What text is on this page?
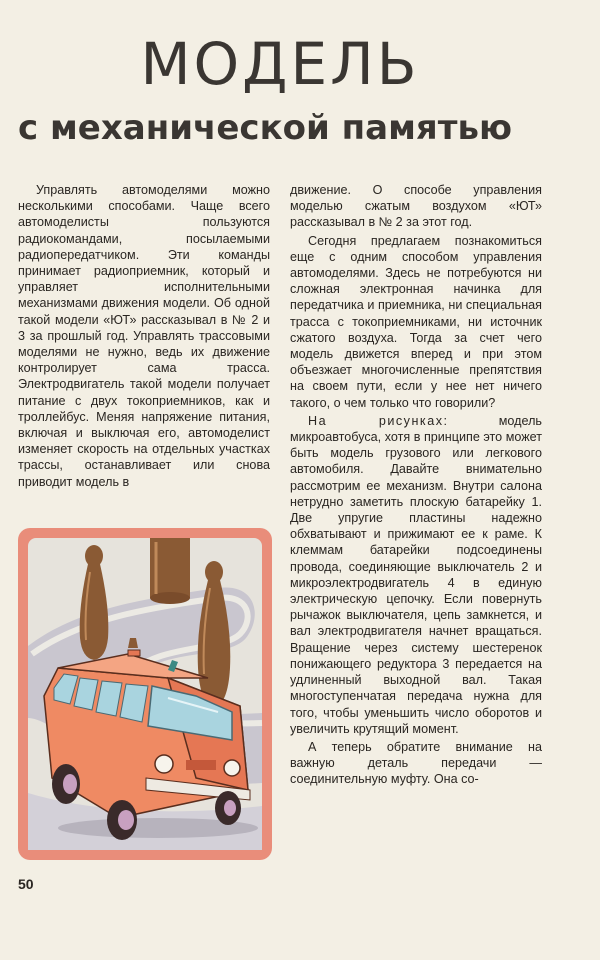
МОДЕЛЬ
с механической памятью

Управлять автомоделями можно несколькими способами. Чаще всего автомоделисты пользуются радиокомандами, посылаемыми радиопередатчиком. Эти команды принимает радиоприемник, который и управляет исполнительными механизмами движения модели. Об одной такой модели «ЮТ» рассказывал в № 2 и 3 за прошлый год. Управлять трассовыми моделями не нужно, ведь их движение контролирует сама трасса. Электродвигатель такой модели получает питание с двух токоприемников, как и троллейбус. Меняя напряжение питания, включая и выключая его, автомоделист изменяет скорость на отдельных участках трассы, останавливает или снова приводит модель в

движение. О способе управления моделью сжатым воздухом «ЮТ» рассказывал в № 2 за этот год.

Сегодня предлагаем познакомиться еще с одним способом управления автомоделями. Здесь не потребуются ни сложная электронная начинка для передатчика и приемника, ни специальная трасса с токоприемниками, ни источник сжатого воздуха. Тогда за счет чего модель движется вперед и при этом объезжает многочисленные препятствия на своем пути, если у нее нет ничего такого, о чем только что говорили?

На рисунках: модель микроавтобуса, хотя в принципе это может быть модель грузового или легкового автомобиля. Давайте внимательно рассмотрим ее механизм. Внутри салона нетрудно заметить плоскую батарейку 1. Две упругие пластины надежно обхватывают и прижимают ее к раме. К клеммам батарейки подсоединены провода, соединяющие выключатель 2 и микроэлектродвигатель 4 в единую электрическую цепочку. Если повернуть рычажок выключателя, цепь замкнется, и вал электродвигателя начнет вращаться. Вращение через систему шестеренок понижающего редуктора 3 передается на удлиненный выходной вал. Такая многоступенчатая передача нужна для того, чтобы уменьшить число оборотов и увеличить крутящий момент.

А теперь обратите внимание на важную деталь передачи — соединительную муфту. Она со-

50
